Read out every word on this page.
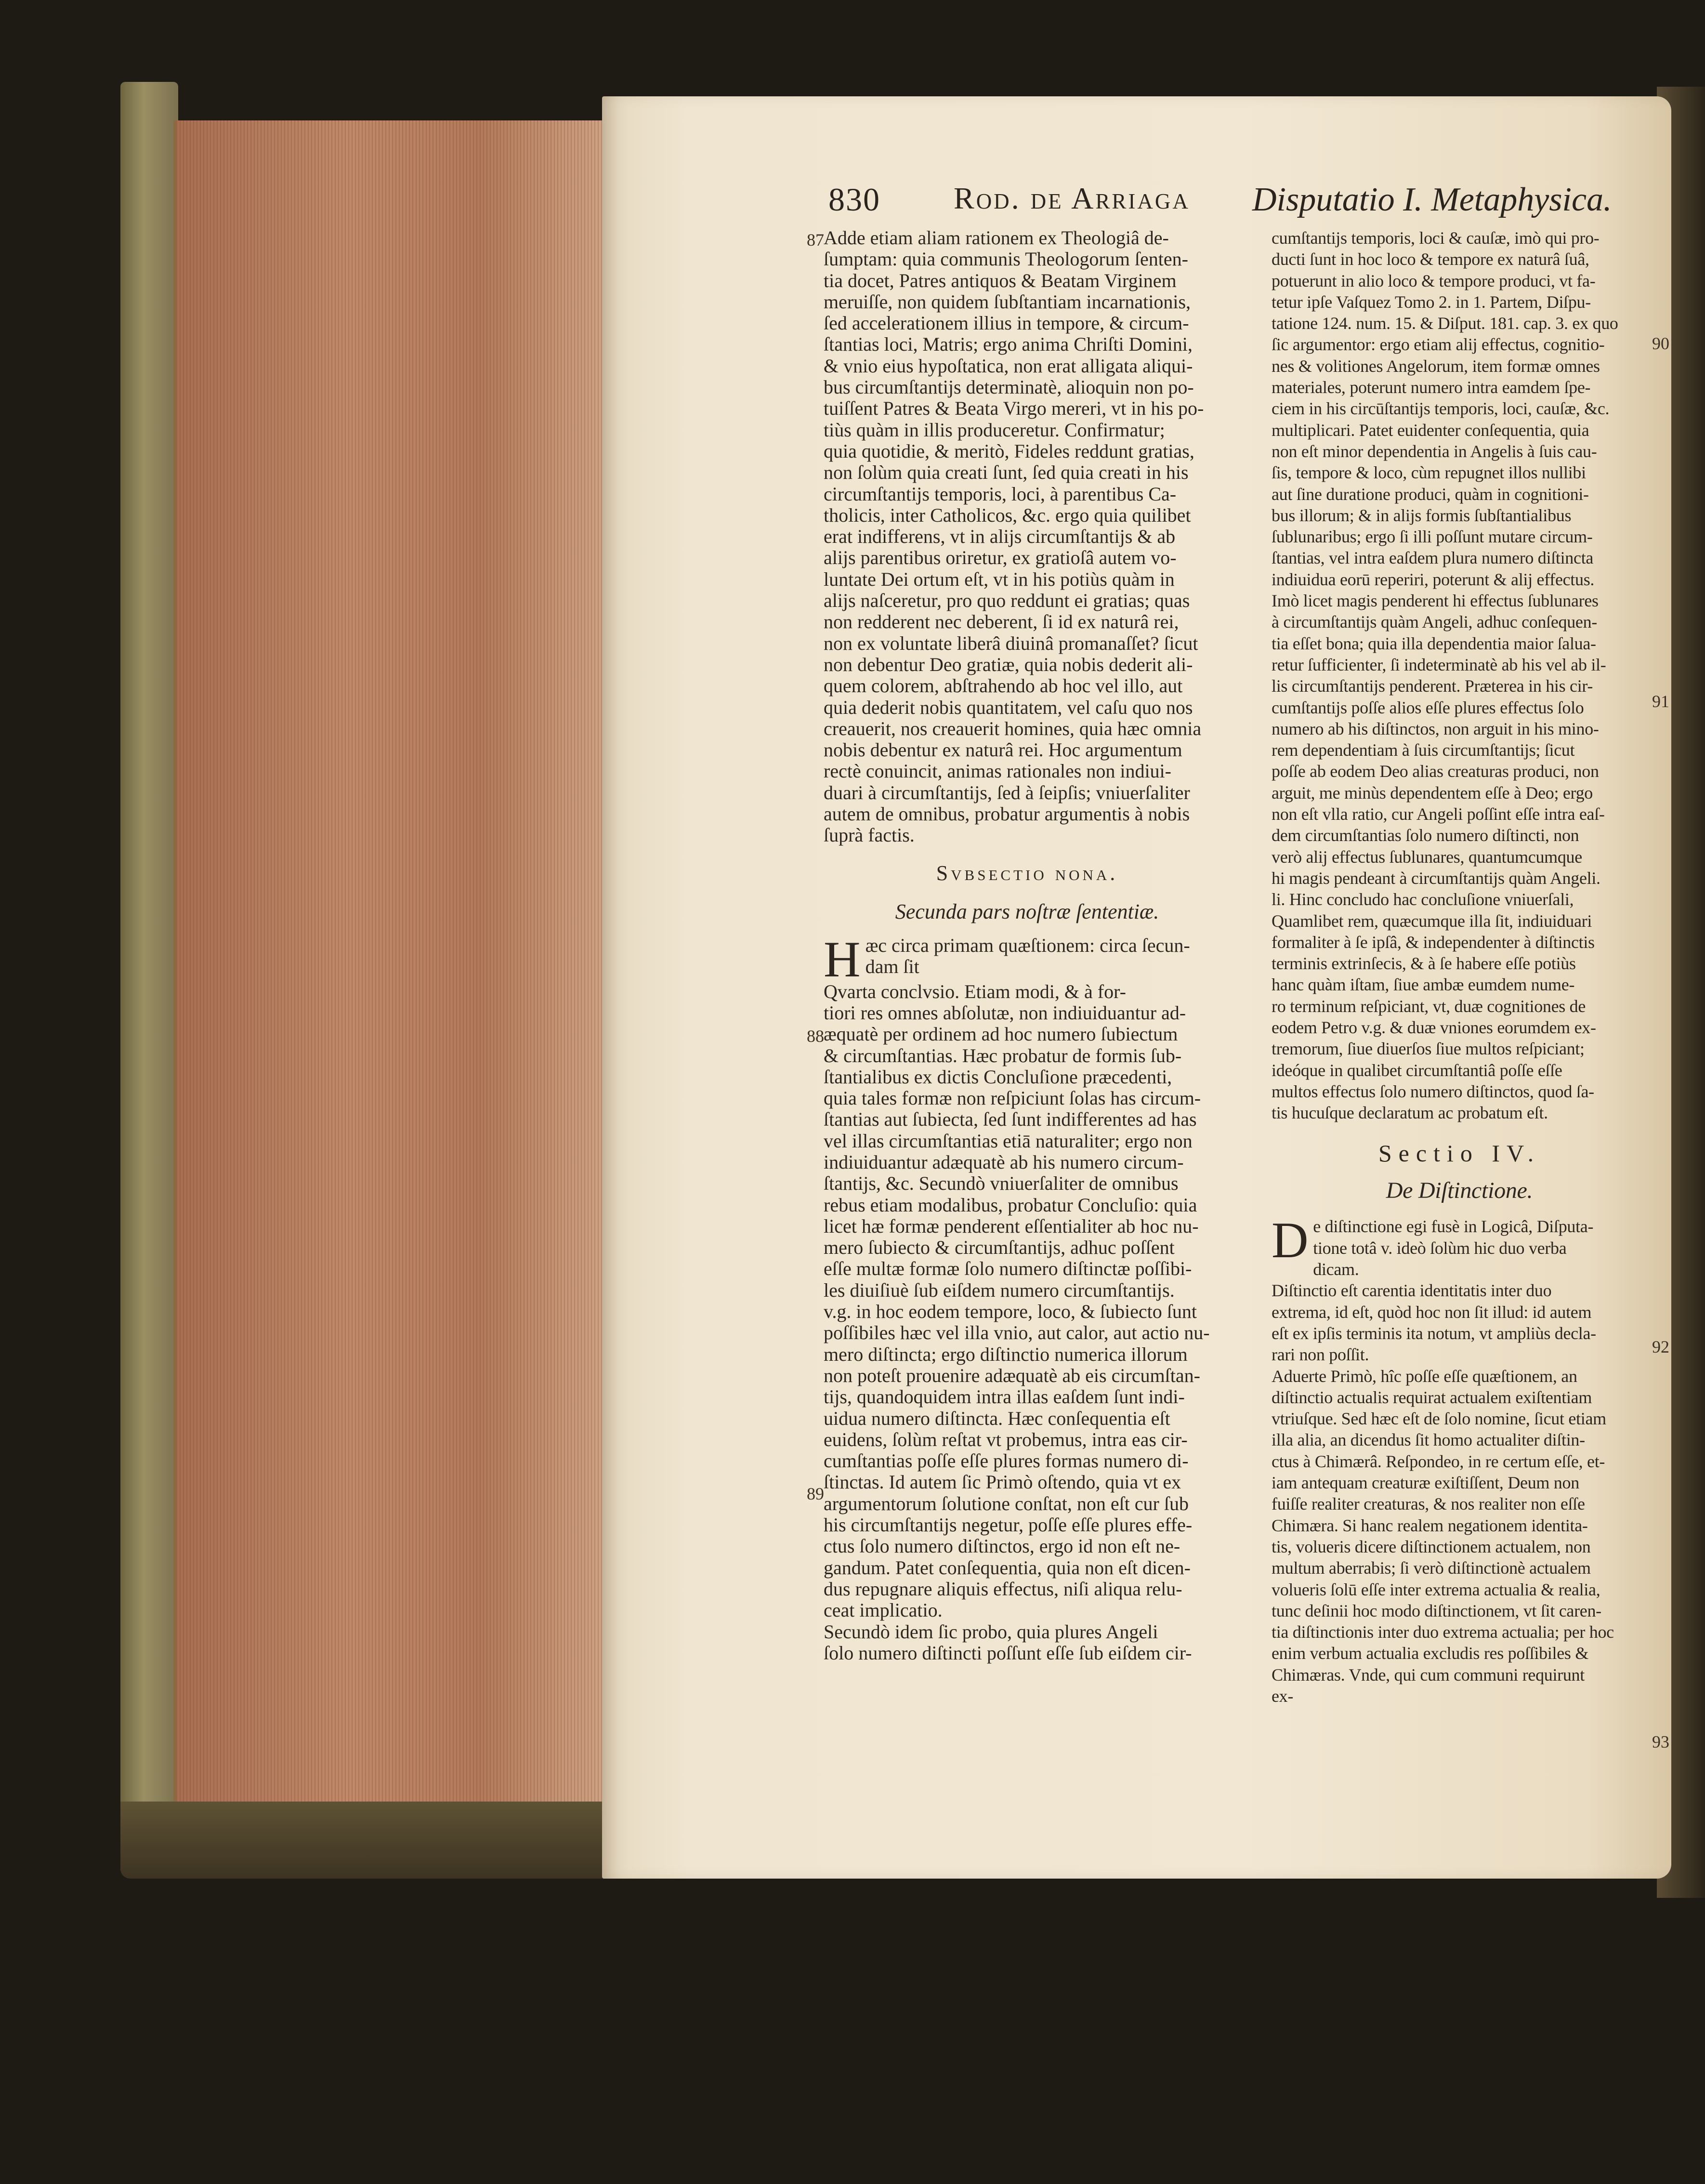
830 Rod. de Arriaga Disputatio I. Metaphysica.
87
88
89
90
91
92
93
Adde etiam aliam rationem ex Theologiâ de-
ſumptam: quia communis Theologorum ſenten-
tia docet, Patres antiquos & Beatam Virginem
meruiſſe, non quidem ſubſtantiam incarnationis,
ſed accelerationem illius in tempore, & circum-
ſtantias loci, Matris; ergo anima Chriſti Domini,
& vnio eius hypoſtatica, non erat alligata aliqui-
bus circumſtantijs determinatè, alioquin non po-
tuiſſent Patres & Beata Virgo mereri, vt in his po-
tiùs quàm in illis produceretur. Confirmatur;
quia quotidie, & meritò, Fideles reddunt gratias,
non ſolùm quia creati ſunt, ſed quia creati in his
circumſtantijs temporis, loci, à parentibus Ca-
tholicis, inter Catholicos, &c. ergo quia quilibet
erat indifferens, vt in alijs circumſtantijs & ab
alijs parentibus oriretur, ex gratioſâ autem vo-
luntate Dei ortum eſt, vt in his potiùs quàm in
alijs naſceretur, pro quo reddunt ei gratias; quas
non redderent nec deberent, ſi id ex naturâ rei,
non ex voluntate liberâ diuinâ promanaſſet? ſicut
non debentur Deo gratiæ, quia nobis dederit ali-
quem colorem, abſtrahendo ab hoc vel illo, aut
quia dederit nobis quantitatem, vel caſu quo nos
creauerit, nos creauerit homines, quia hæc omnia
nobis debentur ex naturâ rei. Hoc argumentum
rectè conuincit, animas rationales non indiui-
duari à circumſtantijs, ſed à ſeipſis; vniuerſaliter
autem de omnibus, probatur argumentis à nobis
ſuprà factis.
Svbsectio nona.
Secunda pars noſtræ ſententiæ.
H æc circa primam quæſtionem: circa ſecun-
dam ſit
Qvarta conclvsio. Etiam modi, & à for-
tiori res omnes abſolutæ, non indiuiduantur ad-
æquatè per ordinem ad hoc numero ſubiectum
& circumſtantias. Hæc probatur de formis ſub-
ſtantialibus ex dictis Concluſione præcedenti,
quia tales formæ non reſpiciunt ſolas has circum-
ſtantias aut ſubiecta, ſed ſunt indifferentes ad has
vel illas circumſtantias etiā naturaliter; ergo non
indiuiduantur adæquatè ab his numero circum-
ſtantijs, &c. Secundò vniuerſaliter de omnibus
rebus etiam modalibus, probatur Concluſio: quia
licet hæ formæ penderent eſſentialiter ab hoc nu-
mero ſubiecto & circumſtantijs, adhuc poſſent
eſſe multæ formæ ſolo numero diſtinctæ poſſibi-
les diuiſiuè ſub eiſdem numero circumſtantijs.
v.g. in hoc eodem tempore, loco, & ſubiecto ſunt
poſſibiles hæc vel illa vnio, aut calor, aut actio nu-
mero diſtincta; ergo diſtinctio numerica illorum
non poteſt prouenire adæquatè ab eis circumſtan-
tijs, quandoquidem intra illas eaſdem ſunt indi-
uidua numero diſtincta. Hæc conſequentia eſt
euidens, ſolùm reſtat vt probemus, intra eas cir-
cumſtantias poſſe eſſe plures formas numero di-
ſtinctas. Id autem ſic Primò oſtendo, quia vt ex
argumentorum ſolutione conſtat, non eſt cur ſub
his circumſtantijs negetur, poſſe eſſe plures effe-
ctus ſolo numero diſtinctos, ergo id non eſt ne-
gandum. Patet conſequentia, quia non eſt dicen-
dus repugnare aliquis effectus, niſi aliqua relu-
ceat implicatio.
Secundò idem ſic probo, quia plures Angeli
ſolo numero diſtincti poſſunt eſſe ſub eiſdem cir-
cumſtantijs temporis, loci & cauſæ, imò qui pro-
ducti ſunt in hoc loco & tempore ex naturâ ſuâ,
potuerunt in alio loco & tempore produci, vt fa-
tetur ipſe Vaſquez Tomo 2. in 1. Partem, Diſpu-
tatione 124. num. 15. & Diſput. 181. cap. 3. ex quo
ſic argumentor: ergo etiam alij effectus, cognitio-
nes & volitiones Angelorum, item formæ omnes
materiales, poterunt numero intra eamdem ſpe-
ciem in his circūſtantijs temporis, loci, cauſæ, &c.
multiplicari. Patet euidenter conſequentia, quia
non eſt minor dependentia in Angelis à ſuis cau-
ſis, tempore & loco, cùm repugnet illos nullibi
aut ſine duratione produci, quàm in cognitioni-
bus illorum; & in alijs formis ſubſtantialibus
ſublunaribus; ergo ſi illi poſſunt mutare circum-
ſtantias, vel intra eaſdem plura numero diſtincta
indiuidua eorū reperiri, poterunt & alij effectus.
Imò licet magis penderent hi effectus ſublunares
à circumſtantijs quàm Angeli, adhuc conſequen-
tia eſſet bona; quia illa dependentia maior ſalua-
retur ſufficienter, ſi indeterminatè ab his vel ab il-
lis circumſtantijs penderent. Præterea in his cir-
cumſtantijs poſſe alios eſſe plures effectus ſolo
numero ab his diſtinctos, non arguit in his mino-
rem dependentiam à ſuis circumſtantijs; ſicut
poſſe ab eodem Deo alias creaturas produci, non
arguit, me minùs dependentem eſſe à Deo; ergo
non eſt vlla ratio, cur Angeli poſſint eſſe intra eaſ-
dem circumſtantias ſolo numero diſtincti, non
verò alij effectus ſublunares, quantumcumque
hi magis pendeant à circumſtantijs quàm Angeli.
li. Hinc concludo hac concluſione vniuerſali,
Quamlibet rem, quæcumque illa ſit, indiuiduari
formaliter à ſe ipſâ, & independenter à diſtinctis
terminis extrinſecis, & à ſe habere eſſe potiùs
hanc quàm iſtam, ſiue ambæ eumdem nume-
ro terminum reſpiciant, vt, duæ cognitiones de
eodem Petro v.g. & duæ vniones eorumdem ex-
tremorum, ſiue diuerſos ſiue multos reſpiciant;
ideóque in qualibet circumſtantiâ poſſe eſſe
multos effectus ſolo numero diſtinctos, quod ſa-
tis hucuſque declaratum ac probatum eſt.
Sectio IV.
De Diſtinctione.
D e diſtinctione egi fusè in Logicâ, Diſputa-
tione totâ v. ideò ſolùm hic duo verba
dicam.
Diſtinctio eſt carentia identitatis inter duo
extrema, id eſt, quòd hoc non ſit illud: id autem
eſt ex ipſis terminis ita notum, vt ampliùs decla-
rari non poſſit.
Aduerte Primò, hîc poſſe eſſe quæſtionem, an
diſtinctio actualis requirat actualem exiſtentiam
vtriuſque. Sed hæc eſt de ſolo nomine, ſicut etiam
illa alia, an dicendus ſit homo actualiter diſtin-
ctus à Chimærâ. Reſpondeo, in re certum eſſe, et-
iam antequam creaturæ exiſtiſſent, Deum non
fuiſſe realiter creaturas, & nos realiter non eſſe
Chimæra. Si hanc realem negationem identita-
tis, volueris dicere diſtinctionem actualem, non
multum aberrabis; ſi verò diſtinctionè actualem
volueris ſolū eſſe inter extrema actualia & realia,
tunc deſinii hoc modo diſtinctionem, vt ſit caren-
tia diſtinctionis inter duo extrema actualia; per hoc
enim verbum actualia excludis res poſſibiles &
Chimæras. Vnde, qui cum communi requirunt
ex-
